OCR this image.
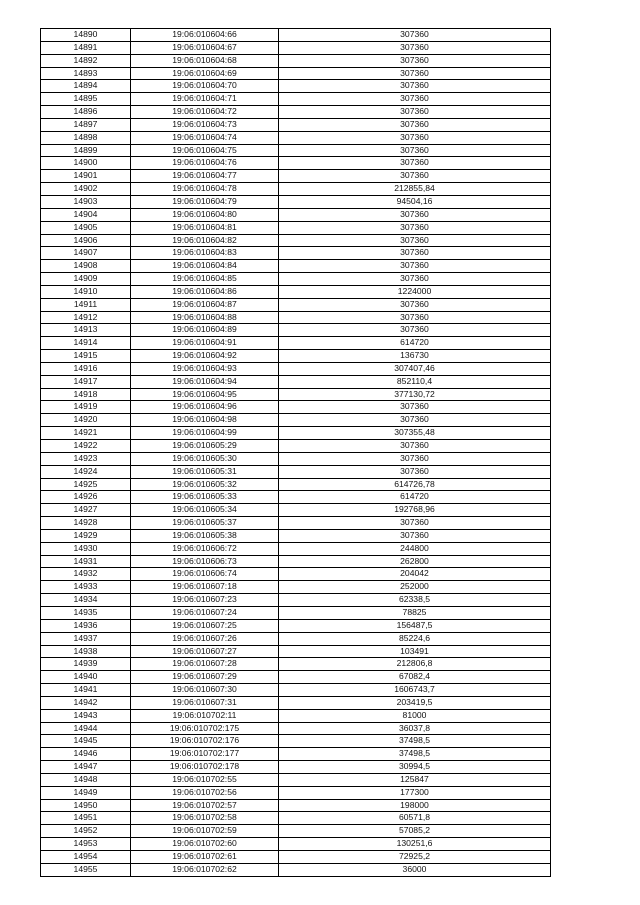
14890	19:06:010604:66	307360
14891	19:06:010604:67	307360
14892	19:06:010604:68	307360
14893	19:06:010604:69	307360
14894	19:06:010604:70	307360
14895	19:06:010604:71	307360
14896	19:06:010604:72	307360
14897	19:06:010604:73	307360
14898	19:06:010604:74	307360
14899	19:06:010604:75	307360
14900	19:06:010604:76	307360
14901	19:06:010604:77	307360
14902	19:06:010604:78	212855,84
14903	19:06:010604:79	94504,16
14904	19:06:010604:80	307360
14905	19:06:010604:81	307360
14906	19:06:010604:82	307360
14907	19:06:010604:83	307360
14908	19:06:010604:84	307360
14909	19:06:010604:85	307360
14910	19:06:010604:86	1224000
14911	19:06:010604:87	307360
14912	19:06:010604:88	307360
14913	19:06:010604:89	307360
14914	19:06:010604:91	614720
14915	19:06:010604:92	136730
14916	19:06:010604:93	307407,46
14917	19:06:010604:94	852110,4
14918	19:06:010604:95	377130,72
14919	19:06:010604:96	307360
14920	19:06:010604:98	307360
14921	19:06:010604:99	307355,48
14922	19:06:010605:29	307360
14923	19:06:010605:30	307360
14924	19:06:010605:31	307360
14925	19:06:010605:32	614726,78
14926	19:06:010605:33	614720
14927	19:06:010605:34	192768,96
14928	19:06:010605:37	307360
14929	19:06:010605:38	307360
14930	19:06:010606:72	244800
14931	19:06:010606:73	262800
14932	19:06:010606:74	204042
14933	19:06:010607:18	252000
14934	19:06:010607:23	62338,5
14935	19:06:010607:24	78825
14936	19:06:010607:25	156487,5
14937	19:06:010607:26	85224,6
14938	19:06:010607:27	103491
14939	19:06:010607:28	212806,8
14940	19:06:010607:29	67082,4
14941	19:06:010607:30	1606743,7
14942	19:06:010607:31	203419,5
14943	19:06:010702:11	81000
14944	19:06:010702:175	36037,8
14945	19:06:010702:176	37498,5
14946	19:06:010702:177	37498,5
14947	19:06:010702:178	30994,5
14948	19:06:010702:55	125847
14949	19:06:010702:56	177300
14950	19:06:010702:57	198000
14951	19:06:010702:58	60571,8
14952	19:06:010702:59	57085,2
14953	19:06:010702:60	130251,6
14954	19:06:010702:61	72925,2
14955	19:06:010702:62	36000
